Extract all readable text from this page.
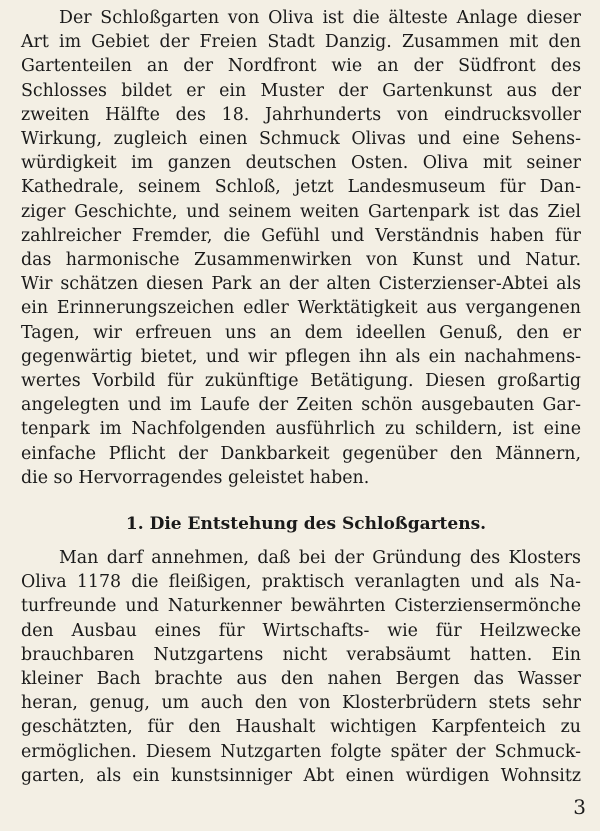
Der Schloßgarten von Oliva ist die älteste Anlage dieser
Art im Gebiet der Freien Stadt Danzig. Zusammen mit den
Gartenteilen an der Nordfront wie an der Südfront des
Schlosses bildet er ein Muster der Gartenkunst aus der
zweiten Hälfte des 18. Jahrhunderts von eindrucksvoller
Wirkung, zugleich einen Schmuck Olivas und eine Sehens-
würdigkeit im ganzen deutschen Osten. Oliva mit seiner
Kathedrale, seinem Schloß, jetzt Landesmuseum für Dan-
ziger Geschichte, und seinem weiten Gartenpark ist das Ziel
zahlreicher Fremder, die Gefühl und Verständnis haben für
das harmonische Zusammenwirken von Kunst und Natur.
Wir schätzen diesen Park an der alten Cisterzienser-Abtei als
ein Erinnerungszeichen edler Werktätigkeit aus vergangenen
Tagen, wir erfreuen uns an dem ideellen Genuß, den er
gegenwärtig bietet, und wir pflegen ihn als ein nachahmens-
wertes Vorbild für zukünftige Betätigung. Diesen großartig
angelegten und im Laufe der Zeiten schön ausgebauten Gar-
tenpark im Nachfolgenden ausführlich zu schildern, ist eine
einfache Pflicht der Dankbarkeit gegenüber den Männern,
die so Hervorragendes geleistet haben.

1. Die Entstehung des Schloßgartens.

Man darf annehmen, daß bei der Gründung des Klosters
Oliva 1178 die fleißigen, praktisch veranlagten und als Na-
turfreunde und Naturkenner bewährten Cisterziensermönche
den Ausbau eines für Wirtschafts- wie für Heilzwecke
brauchbaren Nutzgartens nicht verabsäumt hatten. Ein
kleiner Bach brachte aus den nahen Bergen das Wasser
heran, genug, um auch den von Klosterbrüdern stets sehr
geschätzten, für den Haushalt wichtigen Karpfenteich zu
ermöglichen. Diesem Nutzgarten folgte später der Schmuck-
garten, als ein kunstsinniger Abt einen würdigen Wohnsitz

3
